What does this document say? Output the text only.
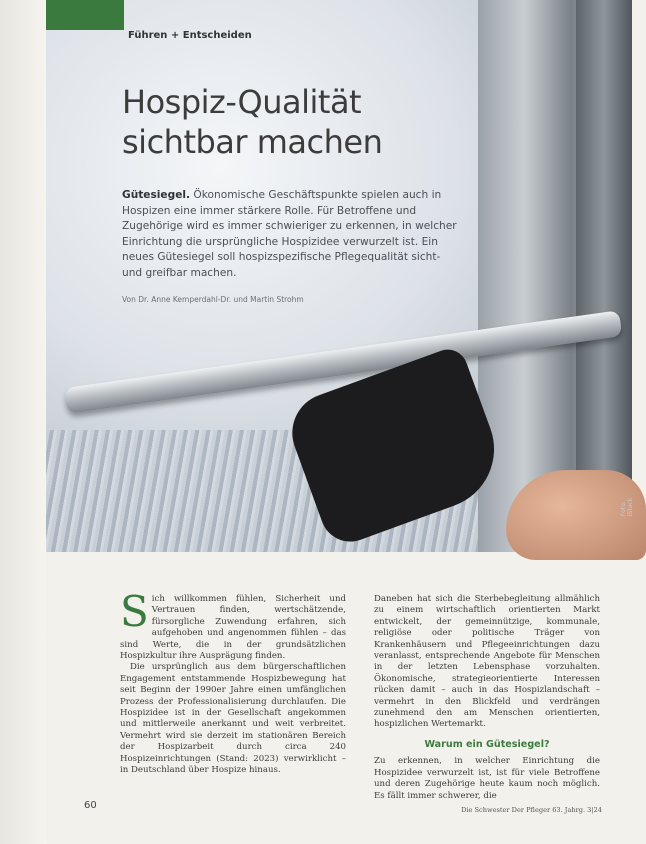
Führen + Entscheiden
Hospiz-Qualität
sichtbar machen
Gütesiegel. Ökonomische Geschäftspunkte spielen auch in Hospizen eine immer stärkere Rolle. Für Betroffene und Zugehörige wird es immer schwieriger zu erkennen, in welcher Einrichtung die ursprüngliche Hospizidee verwurzelt ist. Ein neues Gütesiegel soll hospizspezifische Pflegequalität sicht- und greifbar machen.
Von Dr. Anne Kemperdahl-Dr. und Martin Strohm
Foto: iStock
S ich willkommen fühlen, Sicherheit und Vertrauen finden, wertschätzende, fürsorgliche Zuwendung erfahren, sich aufgehoben und angenommen fühlen – das sind Werte, die in der grundsätzlichen Hospizkultur ihre Ausprägung finden.

Die ursprünglich aus dem bürgerschaftlichen Engagement entstammende Hospizbewegung hat seit Beginn der 1990er Jahre einen umfänglichen Prozess der Professionalisierung durchlaufen. Die Hospizidee ist in der Gesellschaft angekommen und mittlerweile anerkannt und weit verbreitet. Vermehrt wird sie derzeit im stationären Bereich der Hospizarbeit durch circa 240 Hospizeinrichtungen (Stand: 2023) verwirklicht – in Deutschland über Hospize hinaus.

Daneben hat sich die Sterbebegleitung allmählich zu einem wirtschaftlich orientierten Markt entwickelt, der gemeinnützige, kommunale, religiöse oder politische Träger von Krankenhäusern und Pflegeeinrichtungen dazu veranlasst, entsprechende Angebote für Menschen in der letzten Lebensphase vorzuhalten. Ökonomische, strategieorientierte Interessen rücken damit – auch in das Hospizlandschaft – vermehrt in den Blickfeld und verdrängen zunehmend den am Menschen orientierten, hospizlichen Wertemarkt.

Warum ein Gütesiegel?

Zu erkennen, in welcher Einrichtung die Hospizidee verwurzelt ist, ist für viele Betroffene und deren Zugehörige heute kaum noch möglich. Es fällt immer schwerer, die

60	Die Schwester Der Pfleger 63. Jahrg. 3|24
